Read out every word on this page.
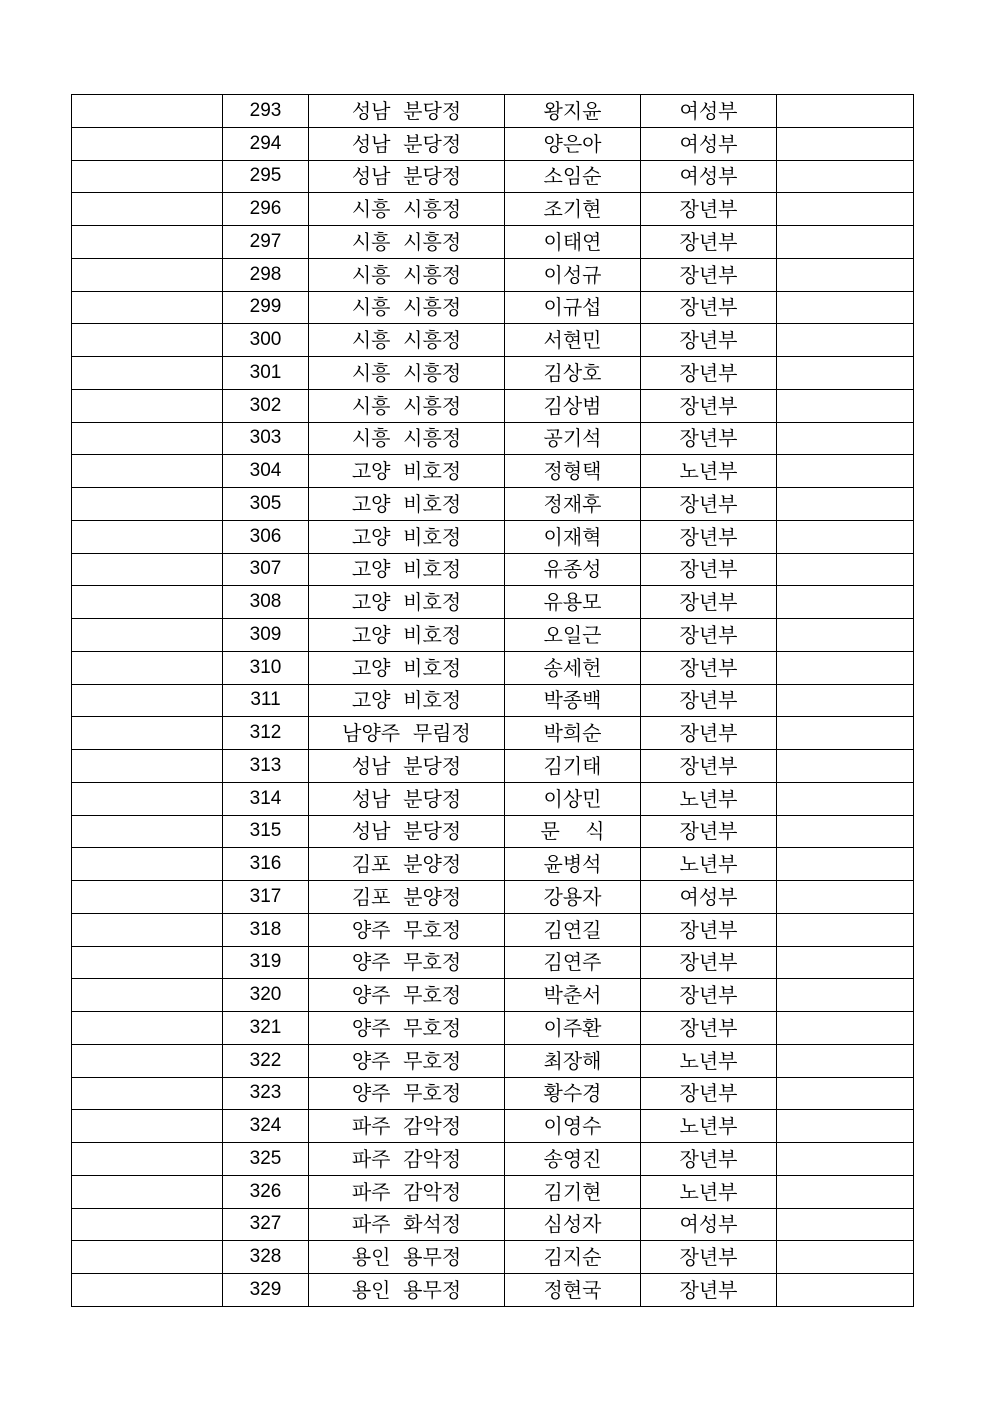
	293	성남  분당정	왕지윤	여성부	
	294	성남  분당정	양은아	여성부	
	295	성남  분당정	소임순	여성부	
	296	시흥  시흥정	조기현	장년부	
	297	시흥  시흥정	이태연	장년부	
	298	시흥  시흥정	이성규	장년부	
	299	시흥  시흥정	이규섭	장년부	
	300	시흥  시흥정	서현민	장년부	
	301	시흥  시흥정	김상호	장년부	
	302	시흥  시흥정	김상범	장년부	
	303	시흥  시흥정	공기석	장년부	
	304	고양  비호정	정형택	노년부	
	305	고양  비호정	정재후	장년부	
	306	고양  비호정	이재혁	장년부	
	307	고양  비호정	유종성	장년부	
	308	고양  비호정	유용모	장년부	
	309	고양  비호정	오일근	장년부	
	310	고양  비호정	송세헌	장년부	
	311	고양  비호정	박종백	장년부	
	312	남양주  무림정	박희순	장년부	
	313	성남  분당정	김기태	장년부	
	314	성남  분당정	이상민	노년부	
	315	성남  분당정	문    식	장년부	
	316	김포  분양정	윤병석	노년부	
	317	김포  분양정	강용자	여성부	
	318	양주  무호정	김연길	장년부	
	319	양주  무호정	김연주	장년부	
	320	양주  무호정	박춘서	장년부	
	321	양주  무호정	이주환	장년부	
	322	양주  무호정	최장해	노년부	
	323	양주  무호정	황수경	장년부	
	324	파주  감악정	이영수	노년부	
	325	파주  감악정	송영진	장년부	
	326	파주  감악정	김기현	노년부	
	327	파주  화석정	심성자	여성부	
	328	용인  용무정	김지순	장년부	
	329	용인  용무정	정현국	장년부	
